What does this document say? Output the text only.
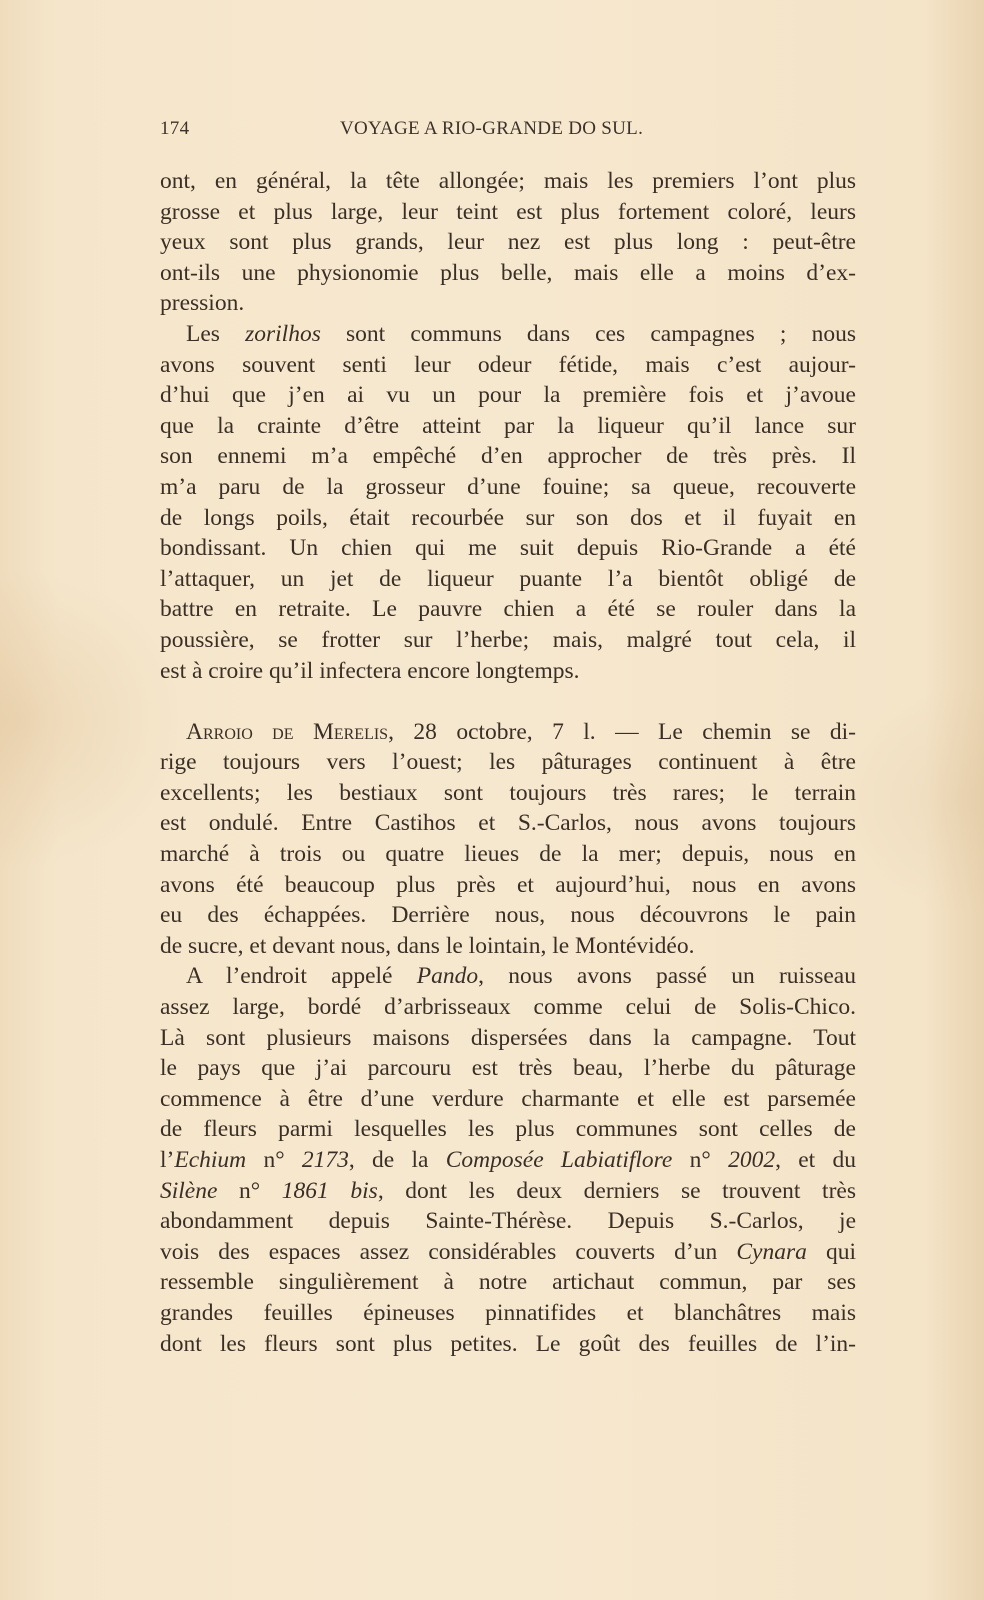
174	VOYAGE A RIO-GRANDE DO SUL.
ont, en général, la tête allongée; mais les premiers l’ont plus
grosse et plus large, leur teint est plus fortement coloré, leurs
yeux sont plus grands, leur nez est plus long : peut-être
ont-ils une physionomie plus belle, mais elle a moins d’ex-
pression.
Les zorilhos sont communs dans ces campagnes ; nous
avons souvent senti leur odeur fétide, mais c’est aujour-
d’hui que j’en ai vu un pour la première fois et j’avoue
que la crainte d’être atteint par la liqueur qu’il lance sur
son ennemi m’a empêché d’en approcher de très près. Il
m’a paru de la grosseur d’une fouine; sa queue, recouverte
de longs poils, était recourbée sur son dos et il fuyait en
bondissant. Un chien qui me suit depuis Rio-Grande a été
l’attaquer, un jet de liqueur puante l’a bientôt obligé de
battre en retraite. Le pauvre chien a été se rouler dans la
poussière, se frotter sur l’herbe; mais, malgré tout cela, il
est à croire qu’il infectera encore longtemps.
Arroio de Merelis, 28 octobre, 7 l. — Le chemin se di-
rige toujours vers l’ouest; les pâturages continuent à être
excellents; les bestiaux sont toujours très rares; le terrain
est ondulé. Entre Castihos et S.-Carlos, nous avons toujours
marché à trois ou quatre lieues de la mer; depuis, nous en
avons été beaucoup plus près et aujourd’hui, nous en avons
eu des échappées. Derrière nous, nous découvrons le pain
de sucre, et devant nous, dans le lointain, le Montévidéo.
A l’endroit appelé Pando, nous avons passé un ruisseau
assez large, bordé d’arbrisseaux comme celui de Solis-Chico.
Là sont plusieurs maisons dispersées dans la campagne. Tout
le pays que j’ai parcouru est très beau, l’herbe du pâturage
commence à être d’une verdure charmante et elle est parsemée
de fleurs parmi lesquelles les plus communes sont celles de
l’Echium n° 2173, de la Composée Labiatiflore n° 2002, et du
Silène n° 1861 bis, dont les deux derniers se trouvent très
abondamment depuis Sainte-Thérèse. Depuis S.-Carlos, je
vois des espaces assez considérables couverts d’un Cynara qui
ressemble singulièrement à notre artichaut commun, par ses
grandes feuilles épineuses pinnatifides et blanchâtres mais
dont les fleurs sont plus petites. Le goût des feuilles de l’in-
